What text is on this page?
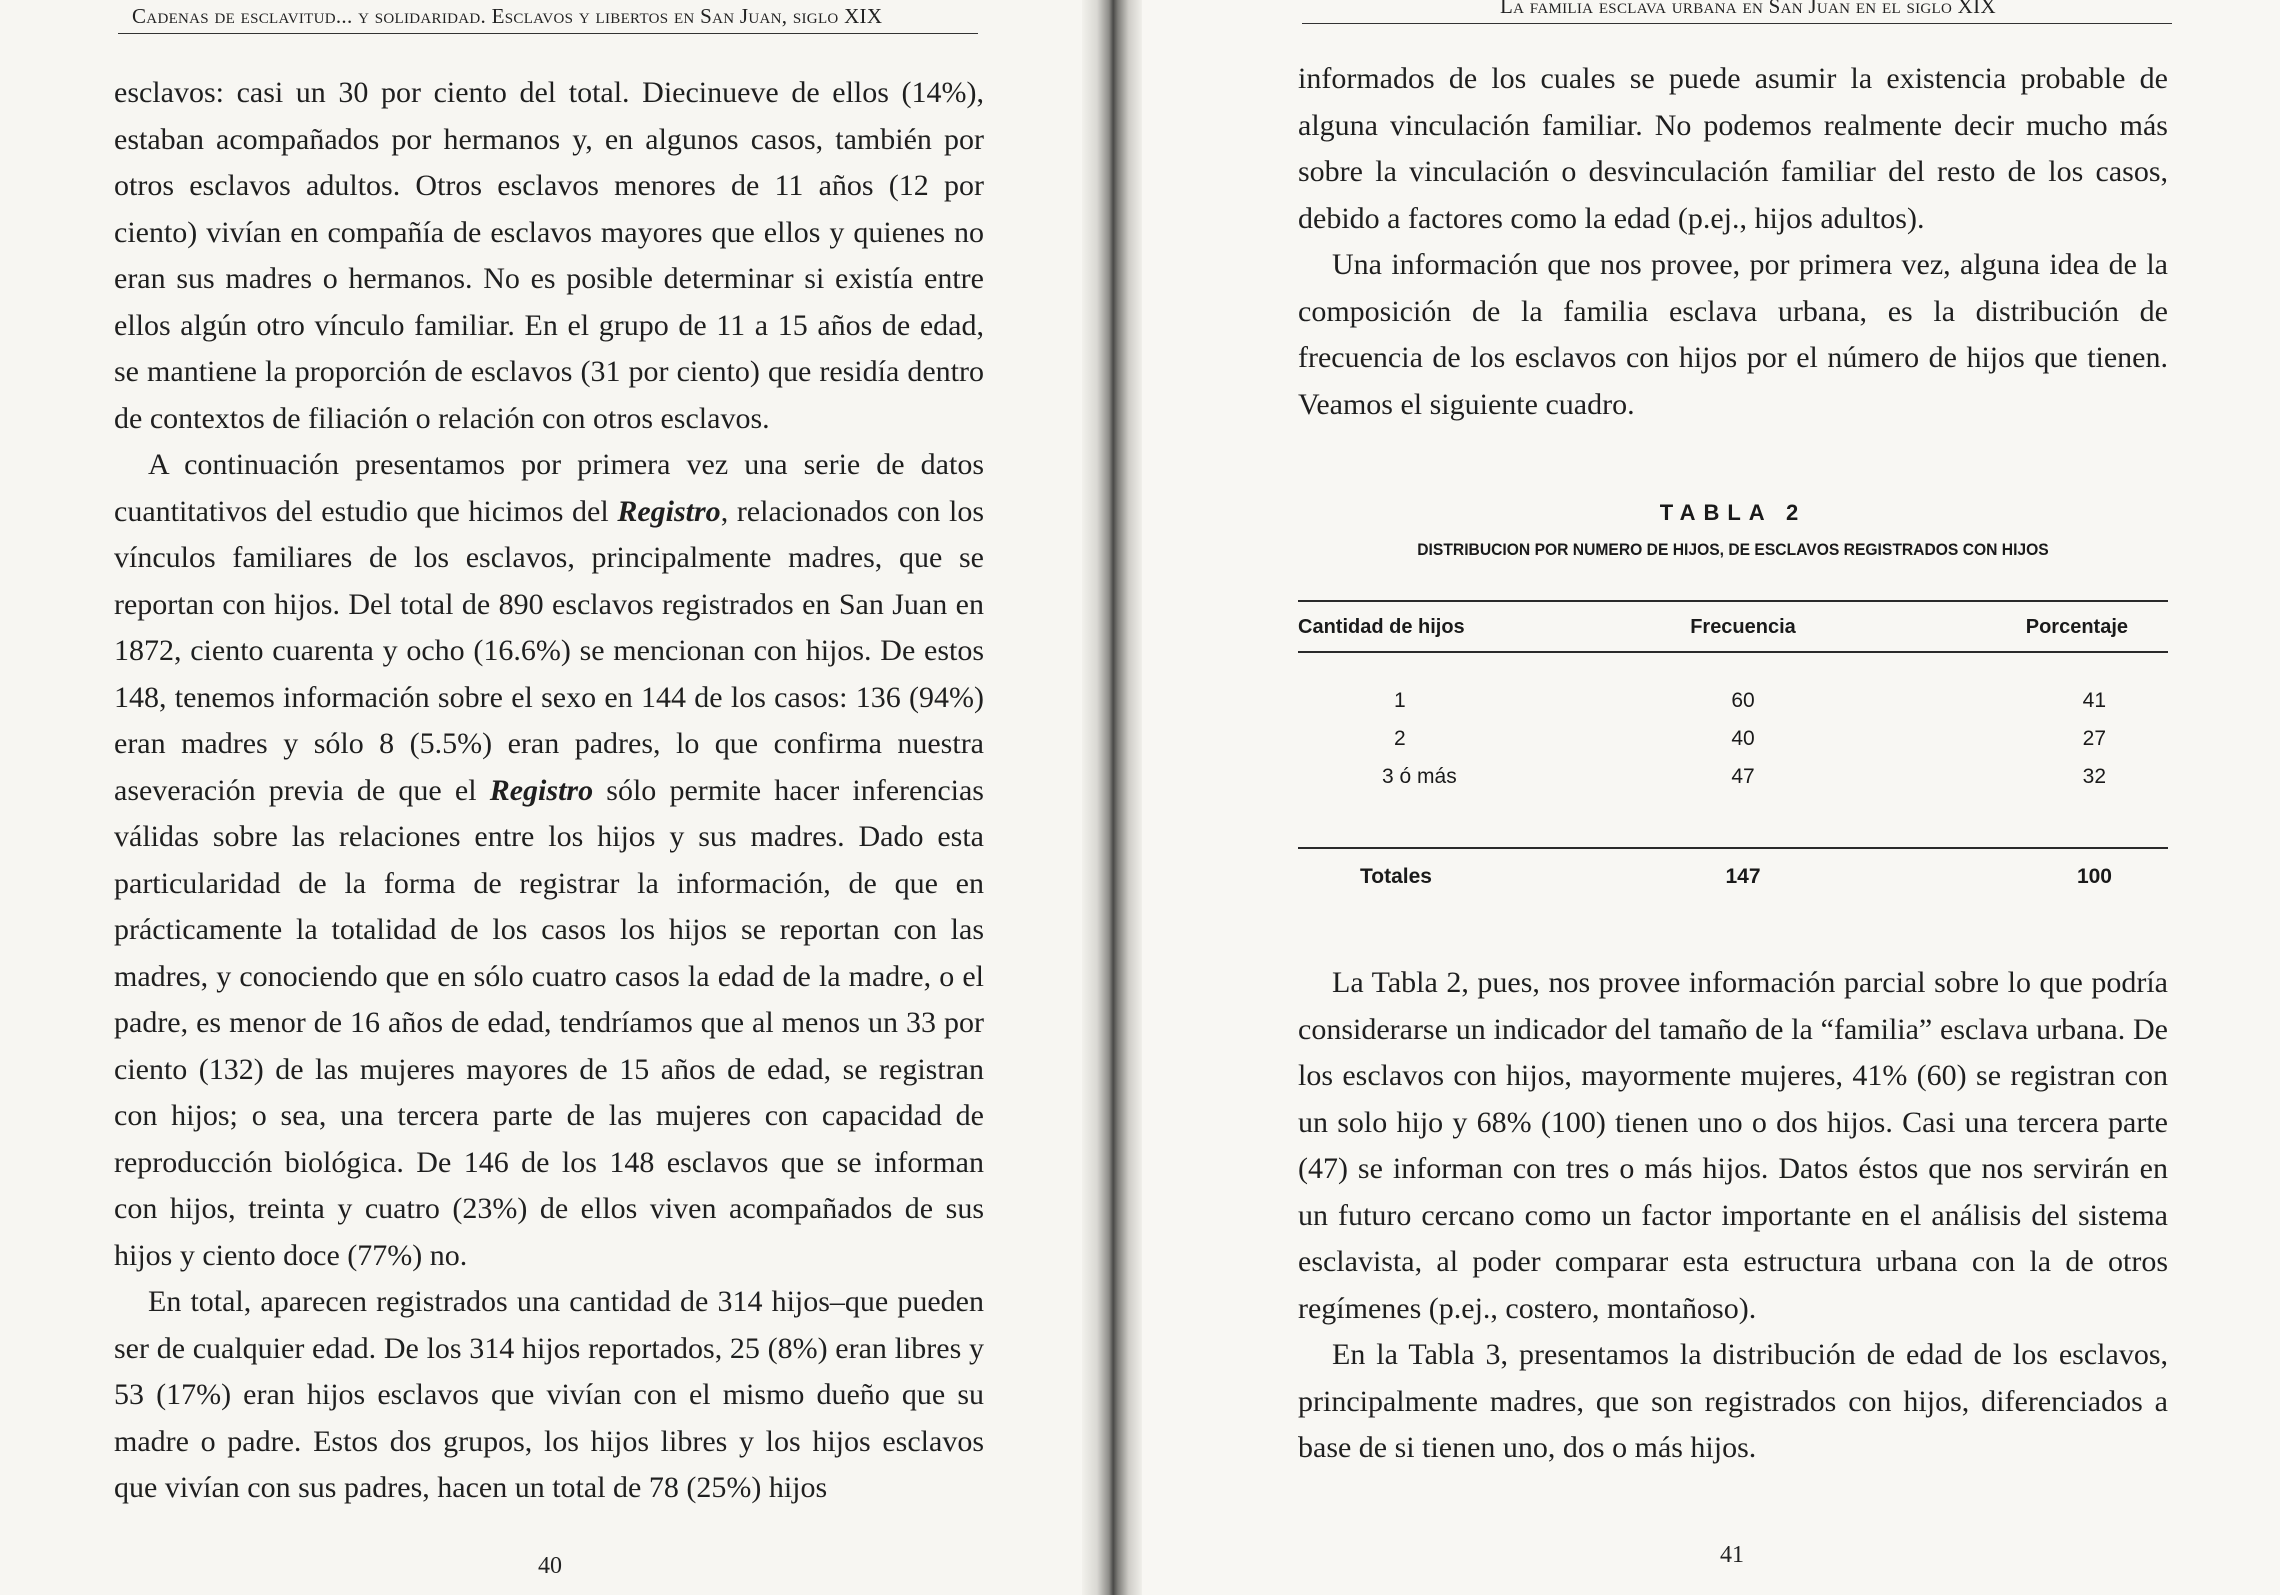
Cadenas de esclavitud... y solidaridad. Esclavos y libertos en San Juan, siglo XIX

esclavos: casi un 30 por ciento del total. Diecinueve de ellos (14%), estaban acompañados por hermanos y, en algunos casos, también por otros esclavos adultos. Otros esclavos menores de 11 años (12 por ciento) vivían en compañía de esclavos mayores que ellos y quienes no eran sus madres o hermanos. No es posible determinar si existía entre ellos algún otro vínculo familiar. En el grupo de 11 a 15 años de edad, se mantiene la proporción de esclavos (31 por ciento) que residía dentro de contextos de filiación o relación con otros esclavos.

A continuación presentamos por primera vez una serie de datos cuantitativos del estudio que hicimos del Registro, relacionados con los vínculos familiares de los esclavos, principalmente madres, que se reportan con hijos. Del total de 890 esclavos registrados en San Juan en 1872, ciento cuarenta y ocho (16.6%) se mencionan con hijos. De estos 148, tenemos información sobre el sexo en 144 de los casos: 136 (94%) eran madres y sólo 8 (5.5%) eran padres, lo que confirma nuestra aseveración previa de que el Registro sólo permite hacer inferencias válidas sobre las relaciones entre los hijos y sus madres. Dado esta particularidad de la forma de registrar la información, de que en prácticamente la totalidad de los casos los hijos se reportan con las madres, y conociendo que en sólo cuatro casos la edad de la madre, o el padre, es menor de 16 años de edad, tendríamos que al menos un 33 por ciento (132) de las mujeres mayores de 15 años de edad, se registran con hijos; o sea, una tercera parte de las mujeres con capacidad de reproducción biológica. De 146 de los 148 esclavos que se informan con hijos, treinta y cuatro (23%) de ellos viven acompañados de sus hijos y ciento doce (77%) no.

En total, aparecen registrados una cantidad de 314 hijos–que pueden ser de cualquier edad. De los 314 hijos reportados, 25 (8%) eran libres y 53 (17%) eran hijos esclavos que vivían con el mismo dueño que su madre o padre. Estos dos grupos, los hijos libres y los hijos esclavos que vivían con sus padres, hacen un total de 78 (25%) hijos

40
La familia esclava urbana en San Juan en el siglo XIX

informados de los cuales se puede asumir la existencia probable de alguna vinculación familiar. No podemos realmente decir mucho más sobre la vinculación o desvinculación familiar del resto de los casos, debido a factores como la edad (p.ej., hijos adultos).

Una información que nos provee, por primera vez, alguna idea de la composición de la familia esclava urbana, es la distribución de frecuencia de los esclavos con hijos por el número de hijos que tienen. Veamos el siguiente cuadro.

TABLA 2
DISTRIBUCION POR NUMERO DE HIJOS, DE ESCLAVOS REGISTRADOS CON HIJOS
Cantidad de hijos	Frecuencia	Porcentaje
1	60	41
2	40	27
3 ó más	47	32
Totales	147	100

La Tabla 2, pues, nos provee información parcial sobre lo que podría considerarse un indicador del tamaño de la “familia” esclava urbana. De los esclavos con hijos, mayormente mujeres, 41% (60) se registran con un solo hijo y 68% (100) tienen uno o dos hijos. Casi una tercera parte (47) se informan con tres o más hijos. Datos éstos que nos servirán en un futuro cercano como un factor importante en el análisis del sistema esclavista, al poder comparar esta estructura urbana con la de otros regímenes (p.ej., costero, montañoso).

En la Tabla 3, presentamos la distribución de edad de los esclavos, principalmente madres, que son registrados con hijos, diferenciados a base de si tienen uno, dos o más hijos.

41
